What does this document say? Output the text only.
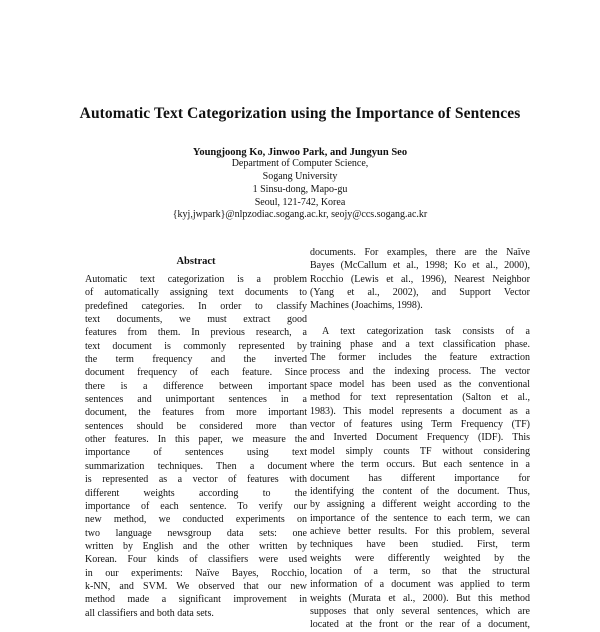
Automatic Text Categorization using the Importance of Sentences
Youngjoong Ko, Jinwoo Park, and Jungyun Seo
Department of Computer Science,
Sogang University
1 Sinsu-dong, Mapo-gu
Seoul, 121-742, Korea
{kyj,jwpark}@nlpzodiac.sogang.ac.kr, seojy@ccs.sogang.ac.kr
Abstract
Automatic text categorization is a problem
of automatically assigning text documents to
predefined categories. In order to classify
text documents, we must extract good
features from them. In previous research, a
text document is commonly represented by
the term frequency and the inverted
document frequency of each feature. Since
there is a difference between important
sentences and unimportant sentences in a
document, the features from more important
sentences should be considered more than
other features. In this paper, we measure the
importance of sentences using text
summarization techniques. Then a document
is represented as a vector of features with
different weights according to the
importance of each sentence. To verify our
new method, we conducted experiments on
two language newsgroup data sets: one
written by English and the other written by
Korean. Four kinds of classifiers were used
in our experiments: Naïve Bayes, Rocchio,
k-NN, and SVM. We observed that our new
method made a significant improvement in
all classifiers and both data sets.
documents. For examples, there are the Naïve
Bayes (McCallum et al., 1998; Ko et al., 2000),
Rocchio (Lewis et al., 1996), Nearest Neighbor
(Yang et al., 2002), and Support Vector
Machines (Joachims, 1998).
A text categorization task consists of a
training phase and a text classification phase.
The former includes the feature extraction
process and the indexing process. The vector
space model has been used as the conventional
method for text representation (Salton et al.,
1983). This model represents a document as a
vector of features using Term Frequency (TF)
and Inverted Document Frequency (IDF). This
model simply counts TF without considering
where the term occurs. But each sentence in a
document has different importance for
identifying the content of the document. Thus,
by assigning a different weight according to the
importance of the sentence to each term, we can
achieve better results. For this problem, several
techniques have been studied. First, term
weights were differently weighted by the
location of a term, so that the structural
information of a document was applied to term
weights (Murata et al., 2000). But this method
supposes that only several sentences, which are
located at the front or the rear of a document,
